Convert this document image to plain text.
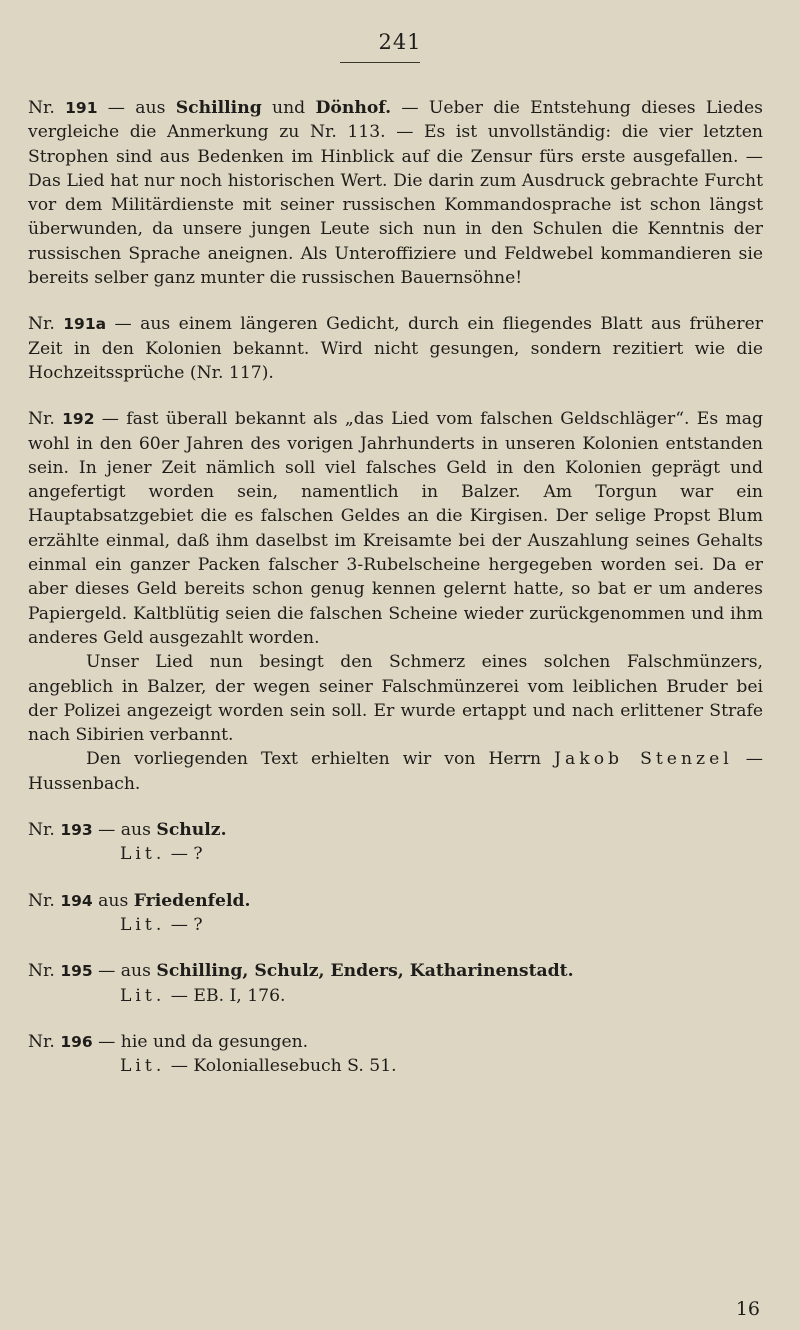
241

Nr. 191 — aus Schilling und Dönhof. — Ueber die Entstehung dieses Liedes vergleiche die Anmerkung zu Nr. 113. — Es ist unvollständig: die vier letzten Strophen sind aus Bedenken im Hinblick auf die Zensur fürs erste ausgefallen. — Das Lied hat nur noch historischen Wert. Die darin zum Ausdruck gebrachte Furcht vor dem Militärdienste mit seiner russischen Kommandosprache ist schon längst überwunden, da unsere jungen Leute sich nun in den Schulen die Kenntnis der russischen Sprache aneignen. Als Unteroffiziere und Feldwebel kommandieren sie bereits selber ganz munter die russischen Bauernsöhne!

Nr. 191a — aus einem längeren Gedicht, durch ein fliegendes Blatt aus früherer Zeit in den Kolonien bekannt. Wird nicht gesungen, sondern rezitiert wie die Hochzeitssprüche (Nr. 117).

Nr. 192 — fast überall bekannt als „das Lied vom falschen Geldschläger“. Es mag wohl in den 60er Jahren des vorigen Jahrhunderts in unseren Kolonien entstanden sein. In jener Zeit nämlich soll viel falsches Geld in den Kolonien geprägt und angefertigt worden sein, namentlich in Balzer. Am Torgun war ein Hauptabsatzgebiet die es falschen Geldes an die Kirgisen. Der selige Propst Blum erzählte einmal, daß ihm daselbst im Kreisamte bei der Auszahlung seines Gehalts einmal ein ganzer Packen falscher 3-Rubelscheine hergegeben worden sei. Da er aber dieses Geld bereits schon genug kennen gelernt hatte, so bat er um anderes Papiergeld. Kaltblütig seien die falschen Scheine wieder zurückgenommen und ihm anderes Geld ausgezahlt worden.

Unser Lied nun besingt den Schmerz eines solchen Falschmünzers, angeblich in Balzer, der wegen seiner Falschmünzerei vom leiblichen Bruder bei der Polizei angezeigt worden sein soll. Er wurde ertappt und nach erlittener Strafe nach Sibirien verbannt.

Den vorliegenden Text erhielten wir von Herrn Jakob Stenzel — Hussenbach.

Nr. 193 — aus Schulz.

Lit. — ?

Nr. 194 aus Friedenfeld.

Lit. — ?

Nr. 195 — aus Schilling, Schulz, Enders, Katharinenstadt.

Lit. — EB. I, 176.

Nr. 196 — hie und da gesungen.

Lit. — Koloniallesebuch S. 51.

16
